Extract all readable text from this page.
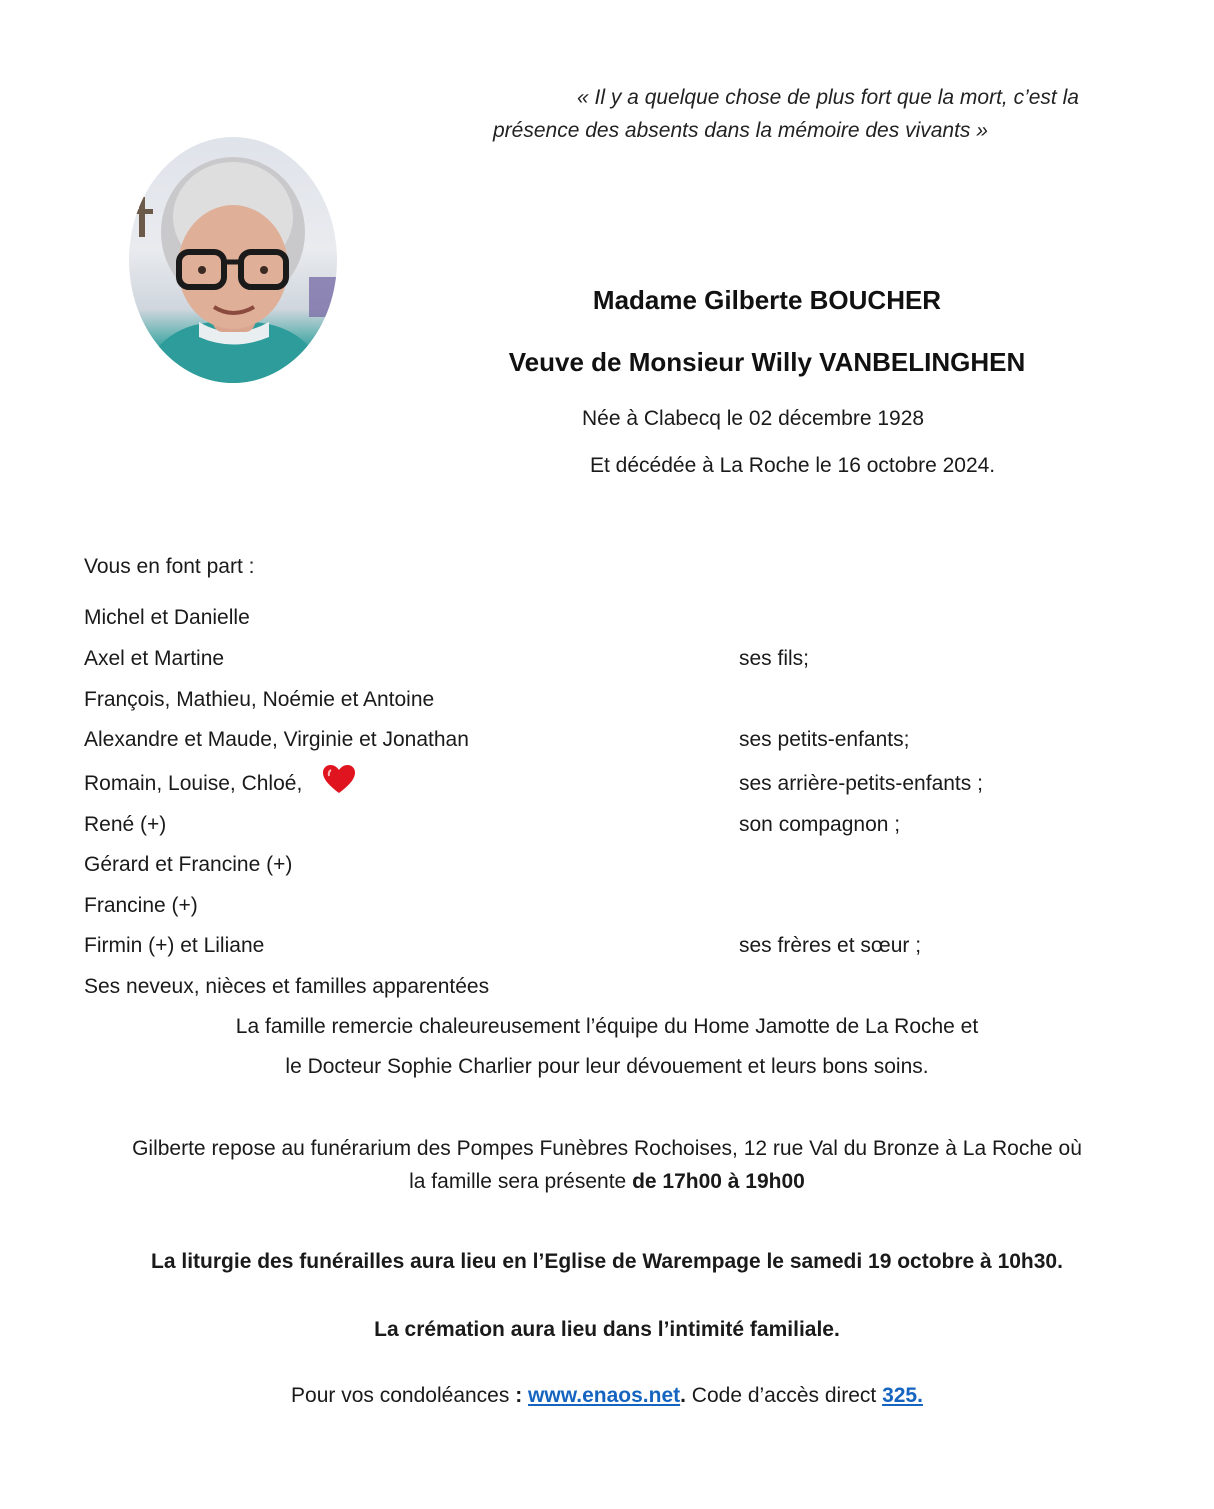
« Il y a quelque chose de plus fort que la mort, c’est la
présence des absents dans la mémoire des vivants »
Madame Gilberte BOUCHER
Veuve de Monsieur Willy VANBELINGHEN
Née à Clabecq le 02 décembre 1928
Et décédée à La Roche le 16 octobre 2024.
Vous en font part :
Michel et Danielle
Axel et Martine	ses fils;
François, Mathieu, Noémie et Antoine
Alexandre et Maude, Virginie et Jonathan	ses petits-enfants;
Romain, Louise, Chloé,	ses arrière-petits-enfants ;
René (+)	son compagnon ;
Gérard et Francine (+)
Francine (+)
Firmin (+) et Liliane	ses frères et sœur ;
Ses neveux, nièces et familles apparentées
La famille remercie chaleureusement l’équipe du Home Jamotte de La Roche et
le Docteur Sophie Charlier pour leur dévouement et leurs bons soins.
Gilberte repose au funérarium des Pompes Funèbres Rochoises, 12 rue Val du Bronze à La Roche où
la famille sera présente de 17h00 à 19h00
La liturgie des funérailles aura lieu en l’Eglise de Warempage le samedi 19 octobre à 10h30.
La crémation aura lieu dans l’intimité familiale.
Pour vos condoléances : www.enaos.net. Code d’accès direct 325.
